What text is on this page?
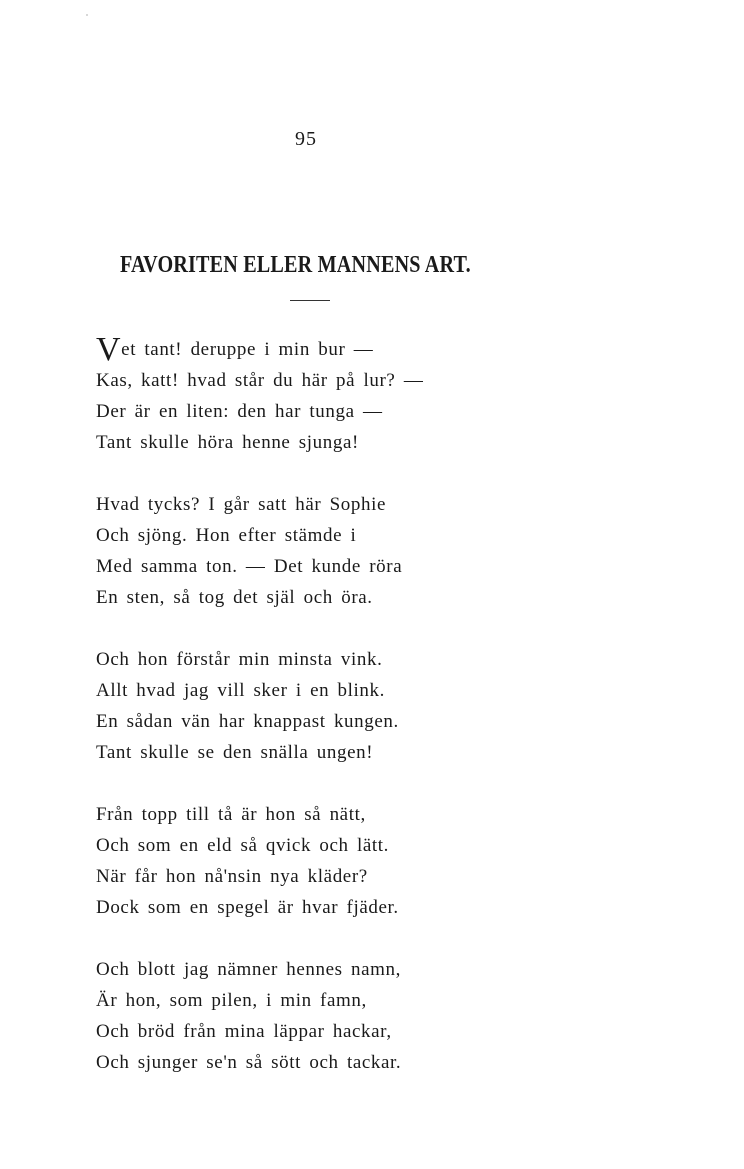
95
FAVORITEN ELLER MANNENS ART.
Vet tant! deruppe i min bur —
Kas, katt! hvad står du här på lur? —
Der är en liten: den har tunga —
Tant skulle höra henne sjunga!
Hvad tycks? I går satt här Sophie
Och sjöng. Hon efter stämde i
Med samma ton. — Det kunde röra
En sten, så tog det själ och öra.
Och hon förstår min minsta vink.
Allt hvad jag vill sker i en blink.
En sådan vän har knappast kungen.
Tant skulle se den snälla ungen!
Från topp till tå är hon så nätt,
Och som en eld så qvick och lätt.
När får hon nå'nsin nya kläder?
Dock som en spegel är hvar fjäder.
Och blott jag nämner hennes namn,
Är hon, som pilen, i min famn,
Och bröd från mina läppar hackar,
Och sjunger se'n så sött och tackar.
